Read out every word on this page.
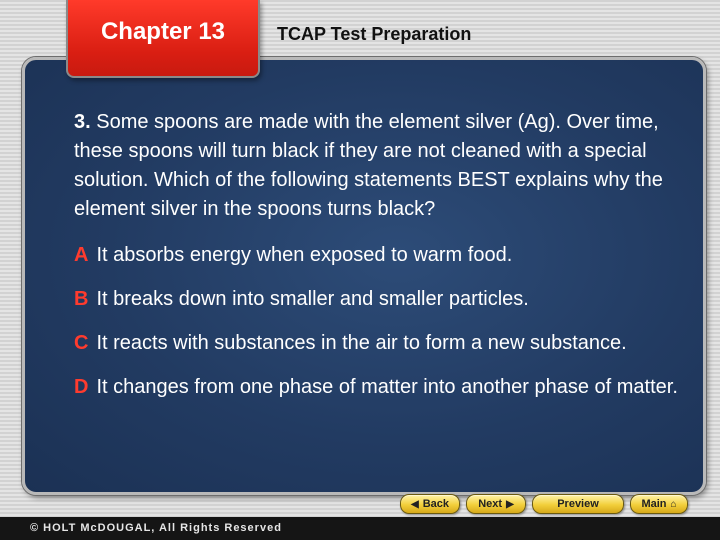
Chapter 13	TCAP Test Preparation

3. Some spoons are made with the element silver (Ag). Over time, these spoons will turn black if they are not cleaned with a special solution. Which of the following statements BEST explains why the element silver in the spoons turns black?

A It absorbs energy when exposed to warm food.

B It breaks down into smaller and smaller particles.

C It reacts with substances in the air to form a new substance.

D It changes from one phase of matter into another phase of matter.

◀ Back	Next ▶	Preview	Main ⌂
© HOLT McDOUGAL, All Rights Reserved
